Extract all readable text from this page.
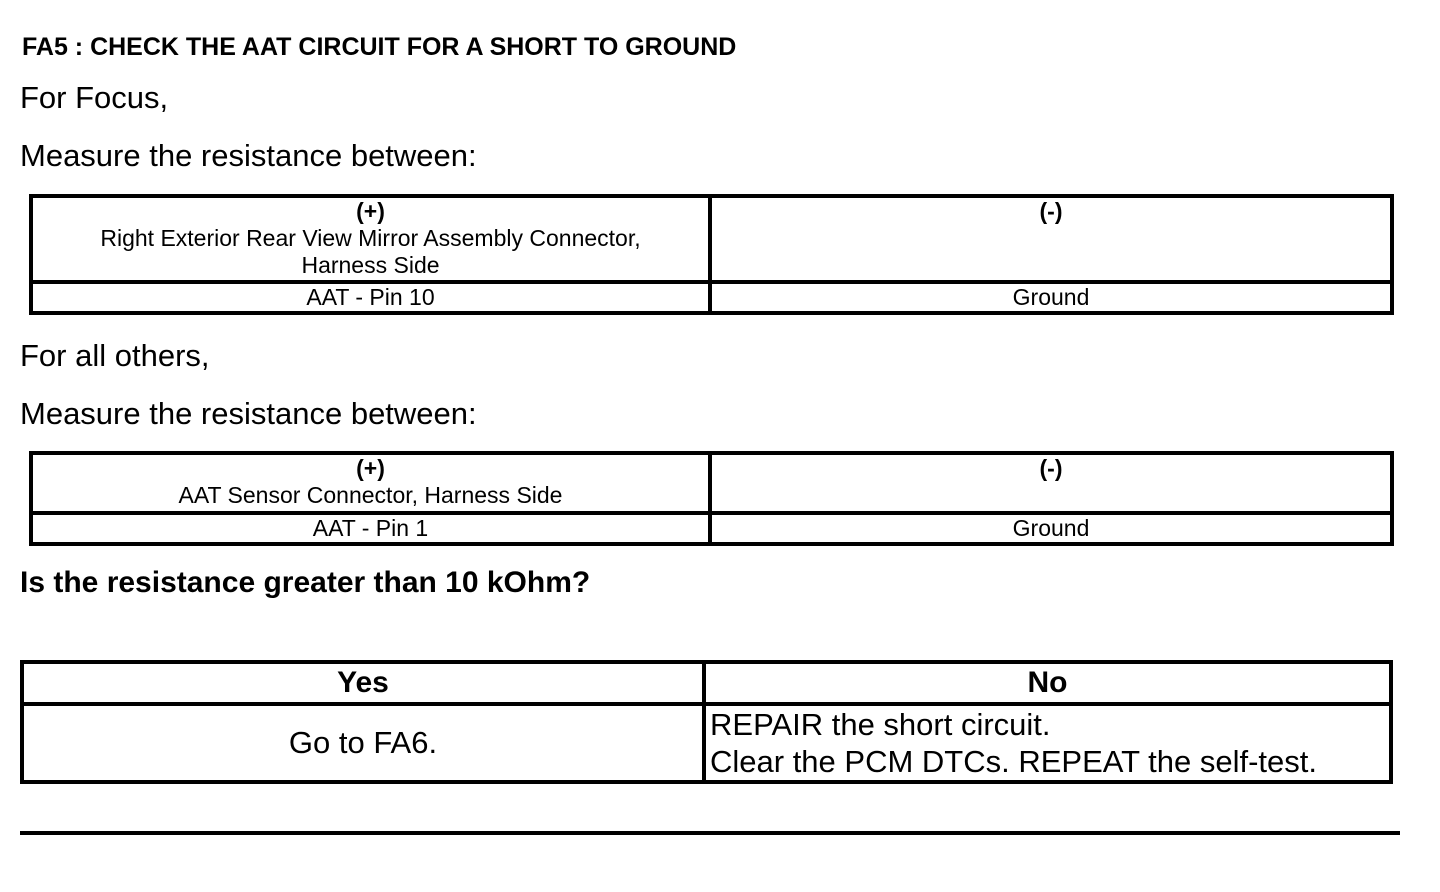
FA5 : CHECK THE AAT CIRCUIT FOR A SHORT TO GROUND
For Focus,
Measure the resistance between:
(+)
Right Exterior Rear View Mirror Assembly Connector,
Harness Side	(-)
AAT - Pin 10	Ground
For all others,
Measure the resistance between:
(+)
AAT Sensor Connector, Harness Side	(-)
AAT - Pin 1	Ground
Is the resistance greater than 10 kOhm?
Yes	No
Go to FA6.	REPAIR the short circuit.
Clear the PCM DTCs. REPEAT the self-test.
